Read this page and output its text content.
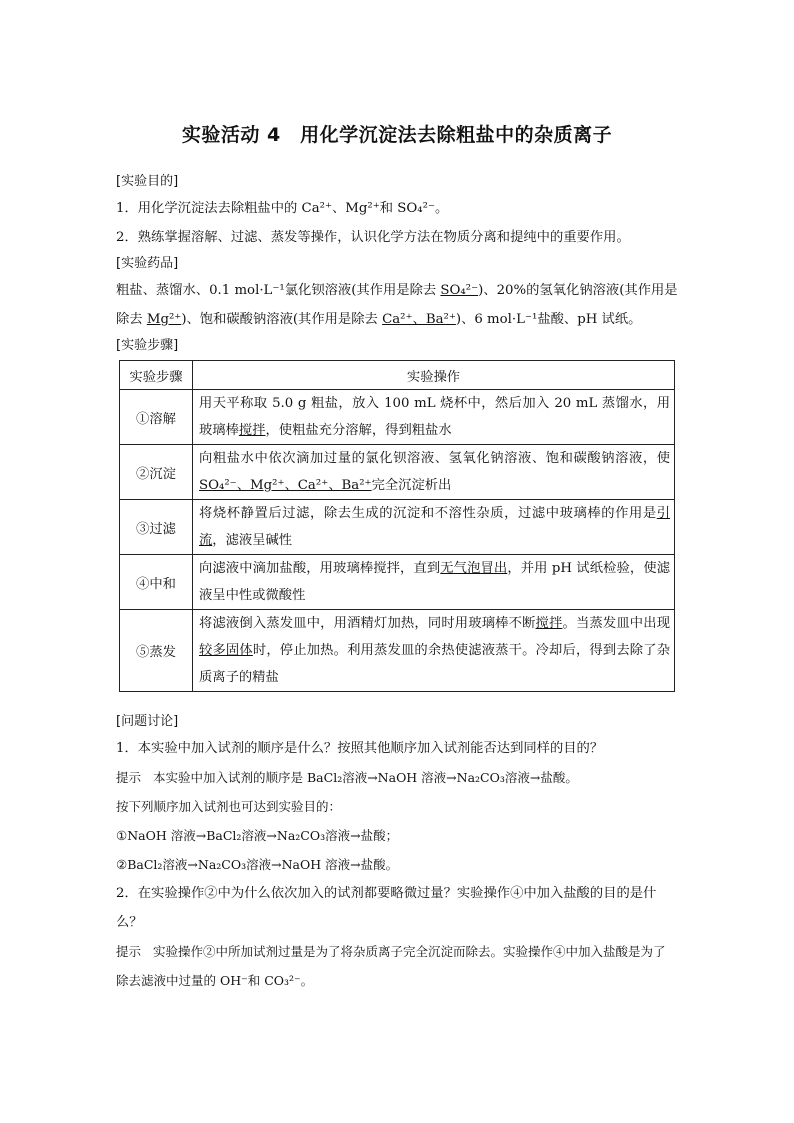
实验活动 4　用化学沉淀法去除粗盐中的杂质离子
[实验目的]
1．用化学沉淀法去除粗盐中的 Ca²⁺、Mg²⁺和 SO₄²⁻。
2．熟练掌握溶解、过滤、蒸发等操作，认识化学方法在物质分离和提纯中的重要作用。
[实验药品]
粗盐、蒸馏水、0.1 mol·L⁻¹氯化钡溶液(其作用是除去 SO₄²⁻)、20%的氢氧化钠溶液(其作用是
除去 Mg²⁺)、饱和碳酸钠溶液(其作用是除去 Ca²⁺、Ba²⁺)、6 mol·L⁻¹盐酸、pH 试纸。
[实验步骤]
实验步骤	实验操作
①溶解	用天平称取 5.0 g 粗盐，放入 100 mL 烧杯中，然后加入 20 mL 蒸馏水，用玻璃棒搅拌，使粗盐充分溶解，得到粗盐水
②沉淀	向粗盐水中依次滴加过量的氯化钡溶液、氢氧化钠溶液、饱和碳酸钠溶液，使 SO₄²⁻、Mg²⁺、Ca²⁺、Ba²⁺完全沉淀析出
③过滤	将烧杯静置后过滤，除去生成的沉淀和不溶性杂质，过滤中玻璃棒的作用是引流，滤液呈碱性
④中和	向滤液中滴加盐酸，用玻璃棒搅拌，直到无气泡冒出，并用 pH 试纸检验，使滤液呈中性或微酸性
⑤蒸发	将滤液倒入蒸发皿中，用酒精灯加热，同时用玻璃棒不断搅拌。当蒸发皿中出现较多固体时，停止加热。利用蒸发皿的余热使滤液蒸干。冷却后，得到去除了杂质离子的精盐
[问题讨论]
1．本实验中加入试剂的顺序是什么？按照其他顺序加入试剂能否达到同样的目的？
提示 本实验中加入试剂的顺序是 BaCl₂溶液→NaOH 溶液→Na₂CO₃溶液→盐酸。
按下列顺序加入试剂也可达到实验目的：
①NaOH 溶液→BaCl₂溶液→Na₂CO₃溶液→盐酸；
②BaCl₂溶液→Na₂CO₃溶液→NaOH 溶液→盐酸。
2．在实验操作②中为什么依次加入的试剂都要略微过量？实验操作④中加入盐酸的目的是什么？
提示 实验操作②中所加试剂过量是为了将杂质离子完全沉淀而除去。实验操作④中加入盐酸是为了除去滤液中过量的 OH⁻和 CO₃²⁻。
